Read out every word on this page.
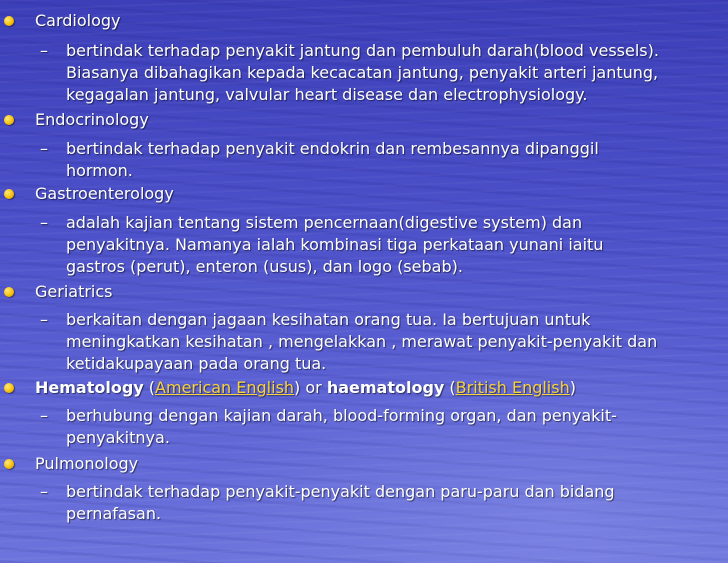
Cardiology
– bertindak terhadap penyakit jantung dan pembuluh darah(blood vessels).
Biasanya dibahagikan kepada kecacatan jantung, penyakit arteri jantung,
kegagalan jantung, valvular heart disease dan electrophysiology.
Endocrinology
– bertindak terhadap penyakit endokrin dan rembesannya dipanggil
hormon.
Gastroenterology
– adalah kajian tentang sistem pencernaan(digestive system) dan
penyakitnya. Namanya ialah kombinasi tiga perkataan yunani iaitu
gastros (perut), enteron (usus), dan logo (sebab).
Geriatrics
– berkaitan dengan jagaan kesihatan orang tua. Ia bertujuan untuk
meningkatkan kesihatan , mengelakkan , merawat penyakit-penyakit dan
ketidakupayaan pada orang tua.
Hematology (American English) or haematology (British English)
– berhubung dengan kajian darah, blood-forming organ, dan penyakit-
penyakitnya.
Pulmonology
– bertindak terhadap penyakit-penyakit dengan paru-paru dan bidang
pernafasan.
